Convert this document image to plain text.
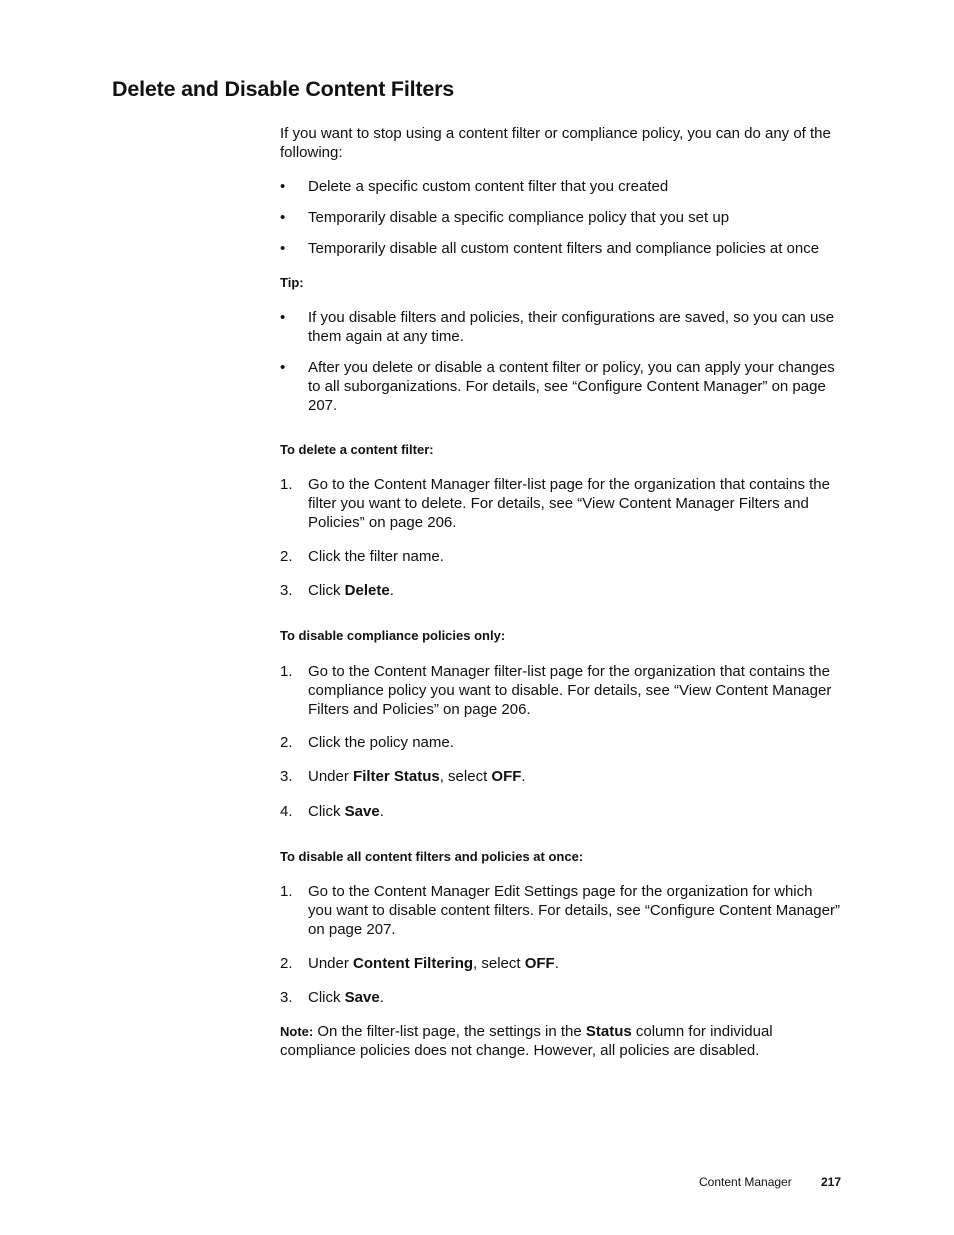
Delete and Disable Content Filters

If you want to stop using a content filter or compliance policy, you can do any of the following:

• Delete a specific custom content filter that you created
• Temporarily disable a specific compliance policy that you set up
• Temporarily disable all custom content filters and compliance policies at once
Tip:
• If you disable filters and policies, their configurations are saved, so you can use them again at any time.
• After you delete or disable a content filter or policy, you can apply your changes to all suborganizations. For details, see “Configure Content Manager” on page 207.
To delete a content filter:
1. Go to the Content Manager filter-list page for the organization that contains the filter you want to delete. For details, see “View Content Manager Filters and Policies” on page 206.
2. Click the filter name.
3. Click Delete.
To disable compliance policies only:
1. Go to the Content Manager filter-list page for the organization that contains the compliance policy you want to disable. For details, see “View Content Manager Filters and Policies” on page 206.
2. Click the policy name.
3. Under Filter Status, select OFF.
4. Click Save.
To disable all content filters and policies at once:
1. Go to the Content Manager Edit Settings page for the organization for which you want to disable content filters. For details, see “Configure Content Manager” on page 207.
2. Under Content Filtering, select OFF.
3. Click Save.

Note: On the filter-list page, the settings in the Status column for individual compliance policies does not change. However, all policies are disabled.

Content Manager 217
